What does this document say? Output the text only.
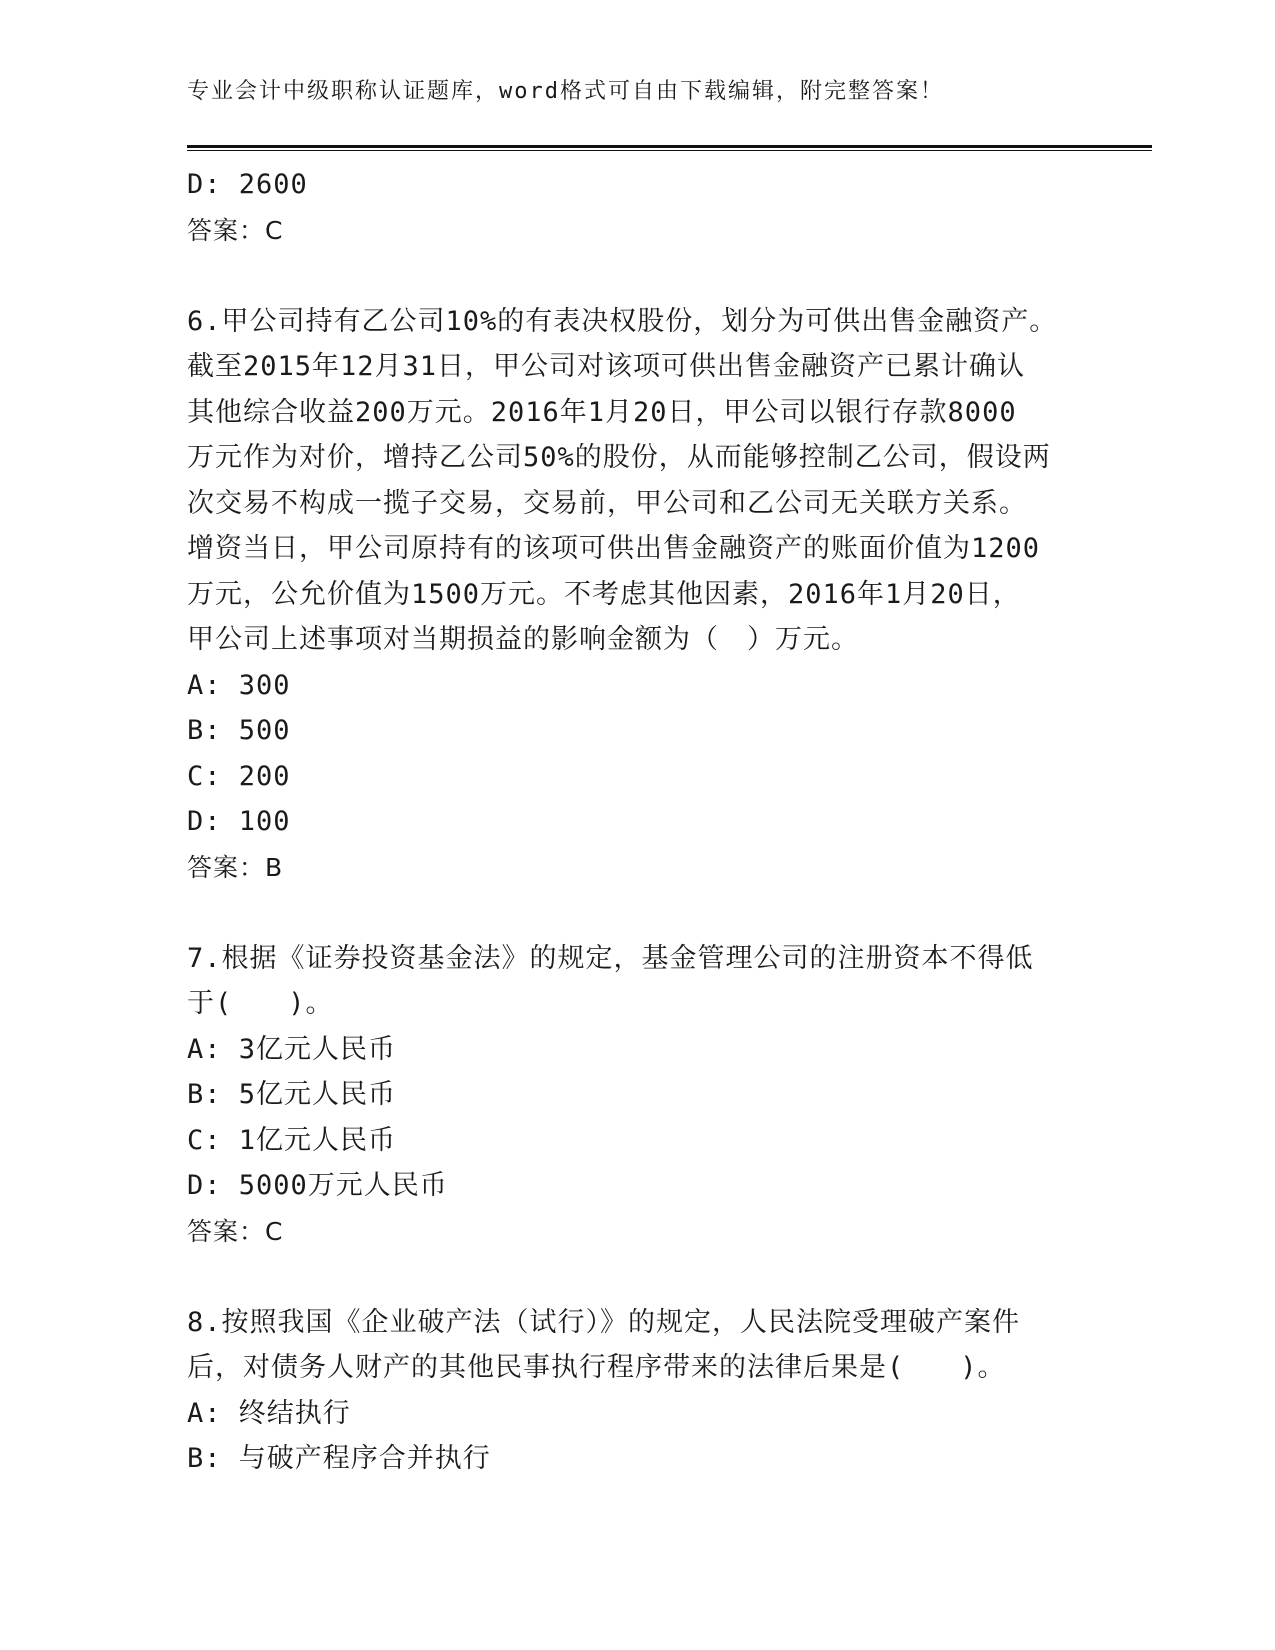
专业会计中级职称认证题库，word格式可自由下载编辑，附完整答案！
D: 2600
答案：C
6.甲公司持有乙公司10%的有表决权股份，划分为可供出售金融资产。
截至2015年12月31日，甲公司对该项可供出售金融资产已累计确认
其他综合收益200万元。2016年1月20日，甲公司以银行存款8000
万元作为对价，增持乙公司50%的股份，从而能够控制乙公司，假设两
次交易不构成一揽子交易，交易前，甲公司和乙公司无关联方关系。
增资当日，甲公司原持有的该项可供出售金融资产的账面价值为1200
万元，公允价值为1500万元。不考虑其他因素，2016年1月20日，
甲公司上述事项对当期损益的影响金额为（　）万元。
A: 300
B: 500
C: 200
D: 100
答案：B
7.根据《证券投资基金法》的规定，基金管理公司的注册资本不得低
于(　　)。
A: 3亿元人民币
B: 5亿元人民币
C: 1亿元人民币
D: 5000万元人民币
答案：C
8.按照我国《企业破产法（试行）》的规定，人民法院受理破产案件
后，对债务人财产的其他民事执行程序带来的法律后果是(　　)。
A: 终结执行
B: 与破产程序合并执行
